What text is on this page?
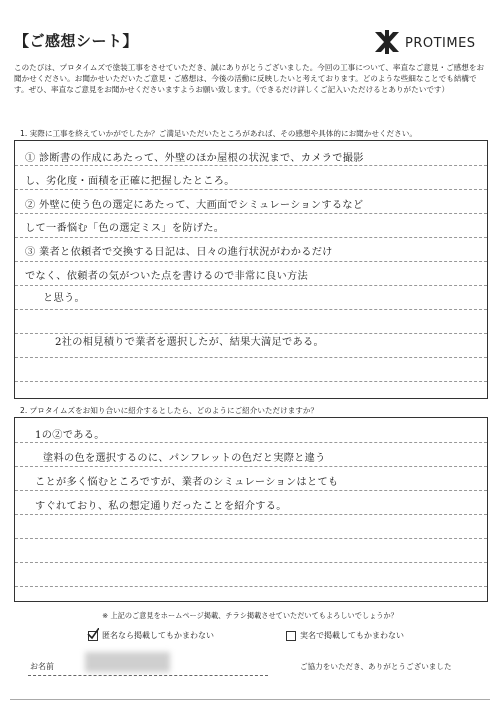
【ご感想シート】	PROTIMES
このたびは、プロタイムズで塗装工事をさせていただき、誠にありがとうございました。今回の工事について、率直なご意見・ご感想をお聞かせください。お聞かせいただいたご意見・ご感想は、今後の活動に反映したいと考えております。どのような些細なことでも結構です。ぜひ、率直なご意見をお聞かせくださいますようお願い致します。（できるだけ詳しくご記入いただけるとありがたいです）
1. 実際に工事を終えていかがでしたか？ご満足いただいたところがあれば、その感想や具体的にお聞かせください。
① 診断書の作成にあたって、外壁のほか屋根の状況まで、カメラで撮影
し、劣化度・面積を正確に把握したところ。
② 外壁に使う色の選定にあたって、大画面でシミュレーションするなど
して一番悩む「色の選定ミス」を防げた。
③ 業者と依頼者で交換する日記は、日々の進行状況がわかるだけ
でなく、依頼者の気がついた点を書けるので非常に良い方法
と思う。
2社の相見積りで業者を選択したが、結果大満足である。
2. プロタイムズをお知り合いに紹介するとしたら、どのようにご紹介いただけますか？
1の②である。
塗料の色を選択するのに、パンフレットの色だと実際と違う
ことが多く悩むところですが、業者のシミュレーションはとても
すぐれており、私の想定通りだったことを紹介する。
※ 上記のご意見をホームページ掲載、チラシ掲載させていただいてもよろしいでしょうか？
匿名なら掲載してもかまわない	実名で掲載してもかまわない
お名前	ご協力をいただき、ありがとうございました
